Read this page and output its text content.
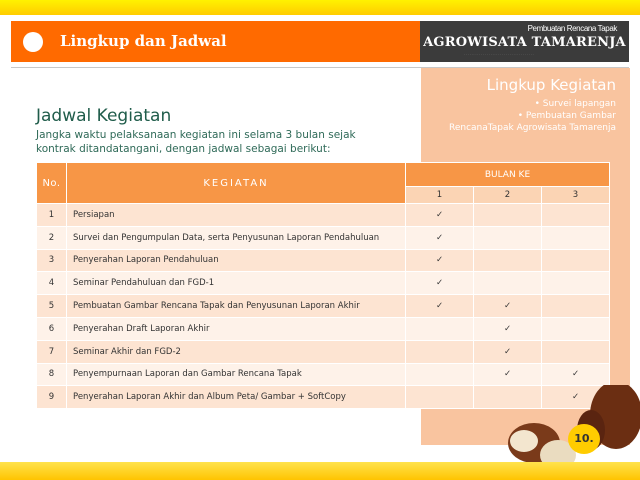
Lingkup dan Jadwal
Pembuatan Rencana Tapak
AGROWISATA TAMARENJA
· · · · · · · · · · · · · · · · · · · · · · · · · · · · · · · · · · · · ·
Lingkup Kegiatan
• Survei lapangan
• Pembuatan Gambar
RencanaTapak Agrowisata Tamarenja
Jadwal Kegiatan
Jangka waktu pelaksanaan kegiatan ini selama 3 bulan sejak kontrak ditandatangani, dengan jadwal sebagai berikut:
No.	KEGIATAN	BULAN KE		
		1	2	3
1	Persiapan	✓		
2	Survei dan Pengumpulan Data, serta Penyusunan Laporan Pendahuluan	✓		
3	Penyerahan Laporan Pendahuluan	✓		
4	Seminar Pendahuluan dan FGD-1	✓		
5	Pembuatan Gambar Rencana Tapak dan Penyusunan Laporan Akhir	✓	✓	
6	Penyerahan Draft Laporan Akhir		✓	
7	Seminar Akhir dan FGD-2		✓	
8	Penyempurnaan Laporan dan Gambar Rencana Tapak		✓	✓
9	Penyerahan Laporan Akhir dan Album Peta/ Gambar + SoftCopy			✓
10.
